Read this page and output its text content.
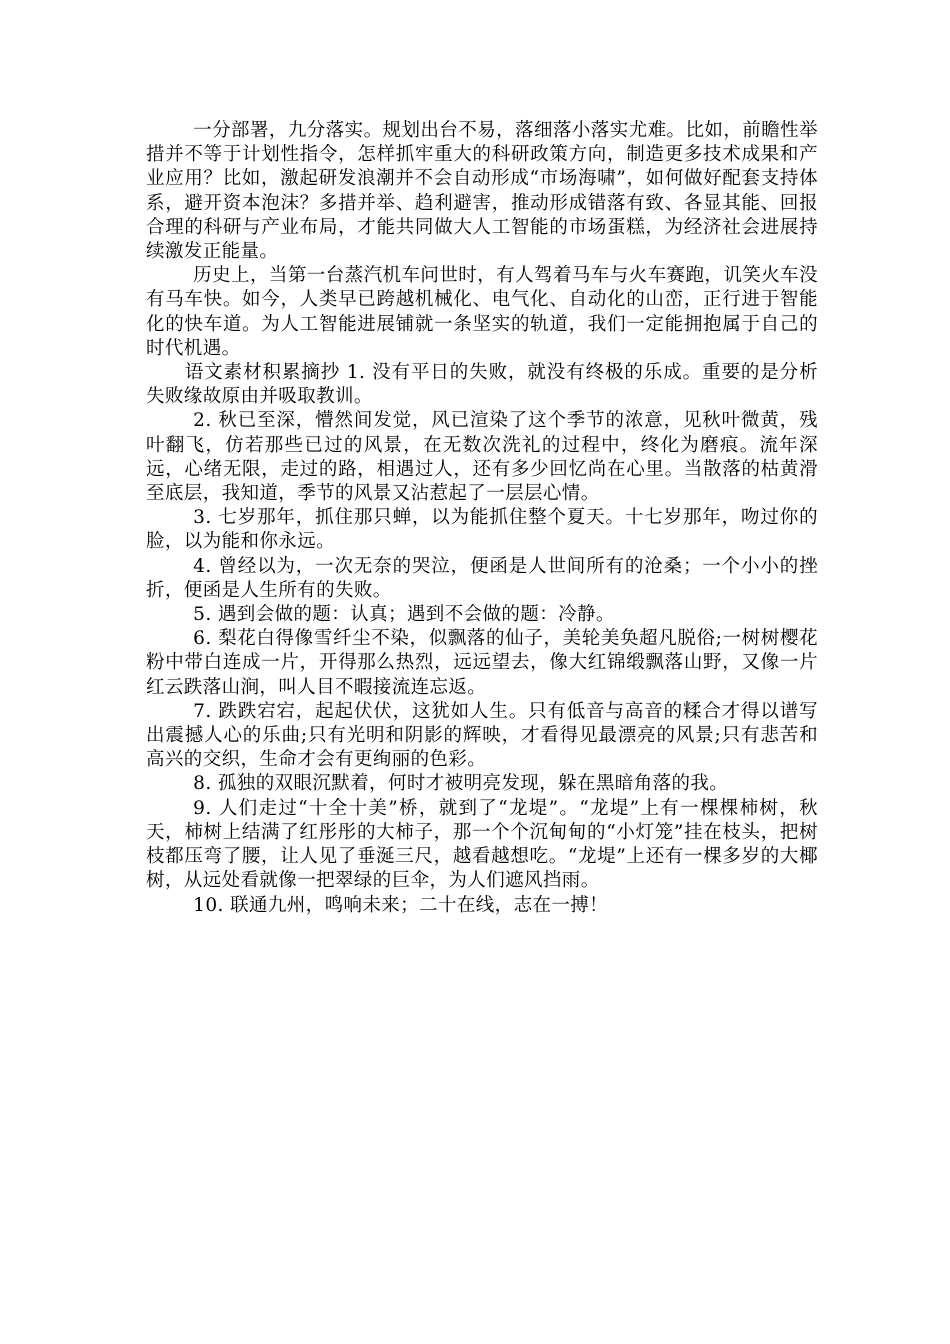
一分部署，九分落实。规划出台不易，落细落小落实尤难。比如，前瞻性举措并不等于计划性指令，怎样抓牢重大的科研政策方向，制造更多技术成果和产业应用？比如，激起研发浪潮并不会自动形成“市场海啸”，如何做好配套支持体系，避开资本泡沫？多措并举、趋利避害，推动形成错落有致、各显其能、回报合理的科研与产业布局，才能共同做大人工智能的市场蛋糕，为经济社会进展持续激发正能量。

历史上，当第一台蒸汽机车问世时，有人驾着马车与火车赛跑，讥笑火车没有马车快。如今，人类早已跨越机械化、电气化、自动化的山峦，正行进于智能化的快车道。为人工智能进展铺就一条坚实的轨道，我们一定能拥抱属于自己的时代机遇。

语文素材积累摘抄 1. 没有平日的失败，就没有终极的乐成。重要的是分析失败缘故原由并吸取教训。

2. 秋已至深，懵然间发觉，风已渲染了这个季节的浓意，见秋叶微黄，残叶翻飞，仿若那些已过的风景，在无数次洗礼的过程中，终化为磨痕。流年深远，心绪无限，走过的路，相遇过人，还有多少回忆尚在心里。当散落的枯黄滑至底层，我知道，季节的风景又沾惹起了一层层心情。

3. 七岁那年，抓住那只蝉，以为能抓住整个夏天。十七岁那年，吻过你的脸，以为能和你永远。

4. 曾经以为，一次无奈的哭泣，便函是人世间所有的沧桑；一个小小的挫折，便函是人生所有的失败。

5. 遇到会做的题：认真；遇到不会做的题：冷静。

6. 梨花白得像雪纤尘不染，似飘落的仙子，美轮美奂超凡脱俗;一树树樱花粉中带白连成一片，开得那么热烈，远远望去，像大红锦缎飘落山野，又像一片红云跌落山涧，叫人目不暇接流连忘返。

7. 跌跌宕宕，起起伏伏，这犹如人生。只有低音与高音的糅合才得以谱写出震撼人心的乐曲;只有光明和阴影的辉映，才看得见最漂亮的风景;只有悲苦和高兴的交织，生命才会有更绚丽的色彩。

8. 孤独的双眼沉默着，何时才被明亮发现，躲在黑暗角落的我。

9. 人们走过“十全十美”桥，就到了“龙堤”。“龙堤”上有一棵棵柿树，秋天，柿树上结满了红彤彤的大柿子，那一个个沉甸甸的“小灯笼”挂在枝头，把树枝都压弯了腰，让人见了垂涎三尺，越看越想吃。“龙堤”上还有一棵多岁的大椰树，从远处看就像一把翠绿的巨伞，为人们遮风挡雨。

10. 联通九州，鸣响未来；二十在线，志在一搏！
